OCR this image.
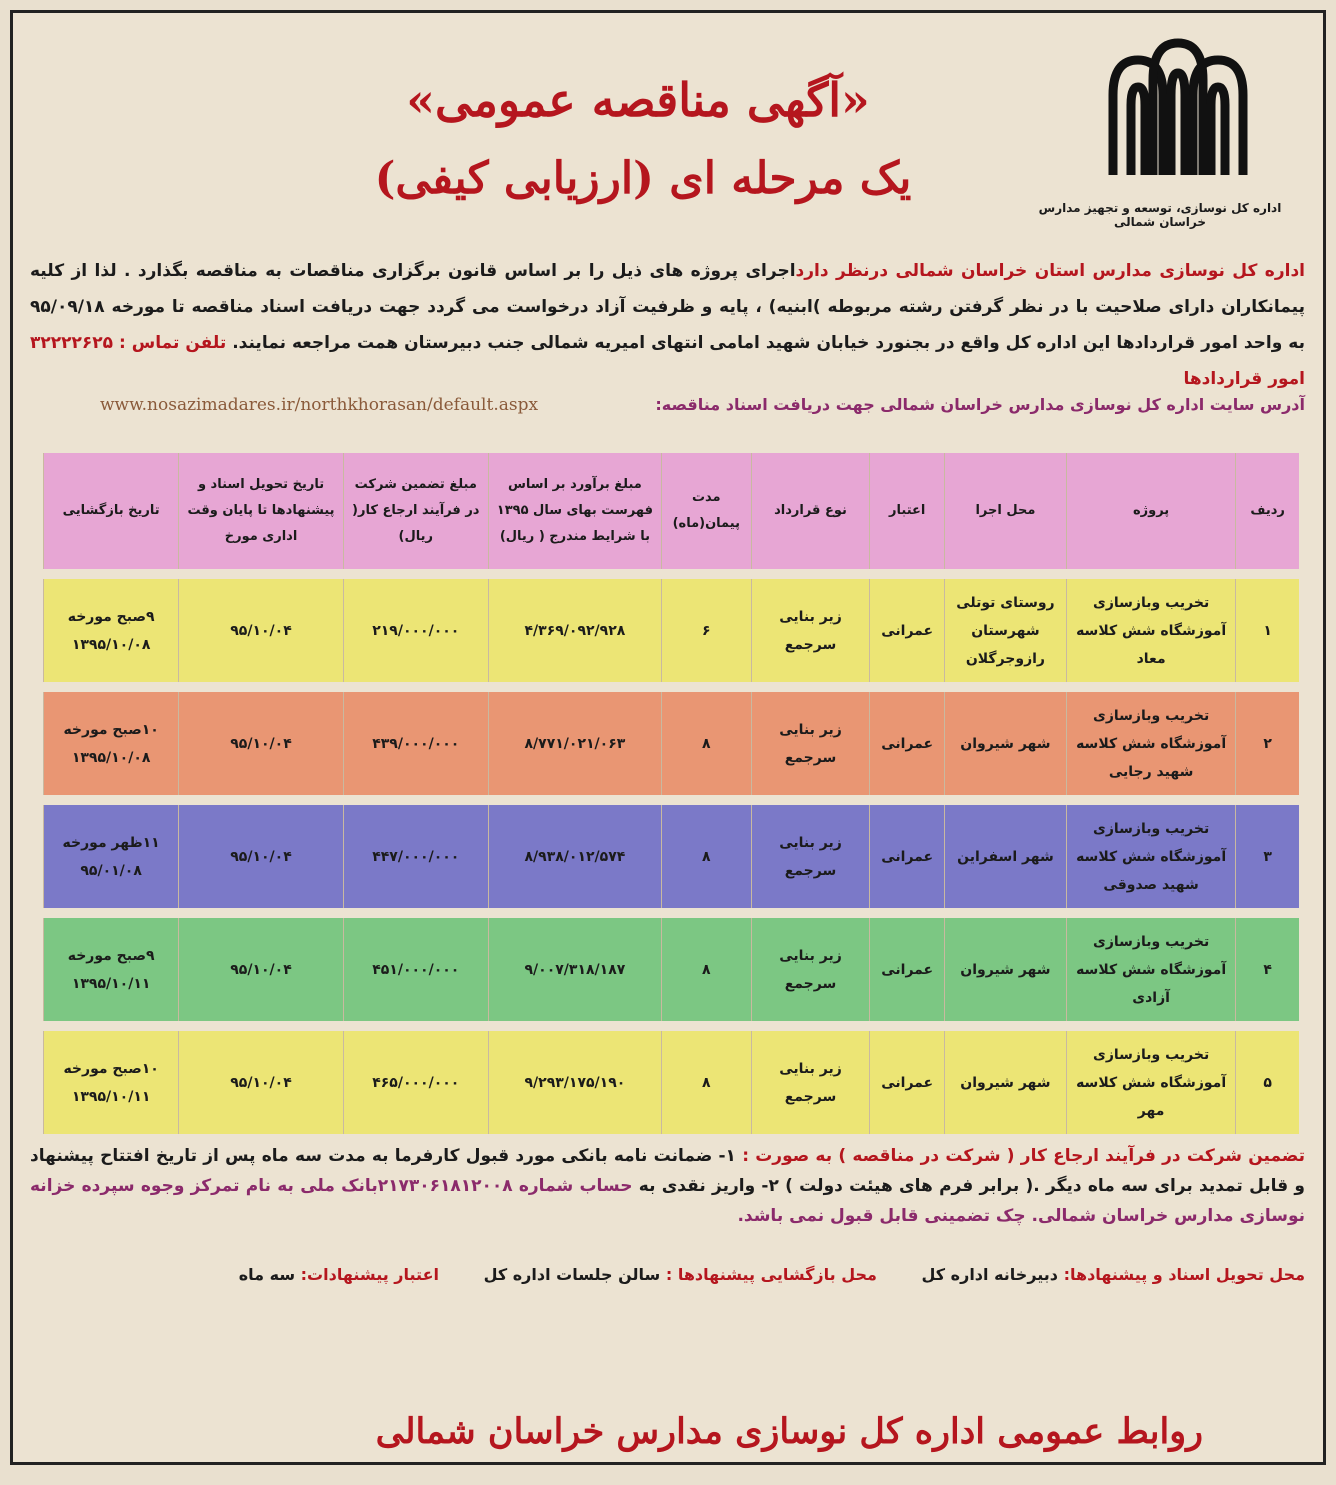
اداره کل نوسازی، توسعه و تجهیز مدارس خراسان شمالی
«آگهی مناقصه عمومی»
یک مرحله ای (ارزیابی کیفی)
اداره کل نوسازی مدارس استان خراسان شمالی درنظر دارداجرای پروژه های ذیل را بر اساس قانون برگزاری مناقصات به مناقصه بگذارد . لذا از کلیه پیمانکاران دارای صلاحیت با در نظر گرفتن رشته مربوطه )ابنیه) ، پایه و ظرفیت آزاد درخواست می گردد جهت دریافت اسناد مناقصه تا مورخه ۹۵/۰۹/۱۸ به واحد امور قراردادها این اداره کل واقع در بجنورد خیابان شهید امامی انتهای امیریه شمالی جنب دبیرستان همت مراجعه نمایند. تلفن تماس : ۳۲۲۲۲۶۲۵ امور قراردادها
آدرس سایت اداره کل نوسازی مدارس خراسان شمالی جهت دریافت اسناد مناقصه:
www.nosazimadares.ir/northkhorasan/default.aspx
ردیف	پروژه	محل اجرا	اعتبار	نوع قرارداد	مدت پیمان(ماه)	مبلغ برآورد بر اساس فهرست بهای سال ۱۳۹۵ با شرایط مندرج ( ریال)	مبلغ تضمین شرکت در فرآیند ارجاع کار( ریال)	تاریخ تحویل اسناد و پیشنهادها تا پایان وقت اداری مورخ	تاریخ بازگشایی

۱	تخریب وبازسازی آموزشگاه شش کلاسه معاد	روستای توتلی شهرستان رازوجرگلان	عمرانی	زیر بنایی سرجمع	۶	۴/۳۶۹/۰۹۲/۹۲۸	۲۱۹/۰۰۰/۰۰۰	۹۵/۱۰/۰۴	۹صبح مورخه ۱۳۹۵/۱۰/۰۸

۲	تخریب وبازسازی آموزشگاه شش کلاسه شهید رجایی	شهر شیروان	عمرانی	زیر بنایی سرجمع	۸	۸/۷۷۱/۰۲۱/۰۶۳	۴۳۹/۰۰۰/۰۰۰	۹۵/۱۰/۰۴	۱۰صبح مورخه ۱۳۹۵/۱۰/۰۸

۳	تخریب وبازسازی آموزشگاه شش کلاسه شهید صدوقی	شهر اسفراین	عمرانی	زیر بنایی سرجمع	۸	۸/۹۳۸/۰۱۲/۵۷۴	۴۴۷/۰۰۰/۰۰۰	۹۵/۱۰/۰۴	۱۱ظهر مورخه ۹۵/۰۱/۰۸

۴	تخریب وبازسازی آموزشگاه شش کلاسه آزادی	شهر شیروان	عمرانی	زیر بنایی سرجمع	۸	۹/۰۰۷/۳۱۸/۱۸۷	۴۵۱/۰۰۰/۰۰۰	۹۵/۱۰/۰۴	۹صبح مورخه ۱۳۹۵/۱۰/۱۱

۵	تخریب وبازسازی آموزشگاه شش کلاسه مهر	شهر شیروان	عمرانی	زیر بنایی سرجمع	۸	۹/۲۹۳/۱۷۵/۱۹۰	۴۶۵/۰۰۰/۰۰۰	۹۵/۱۰/۰۴	۱۰صبح مورخه ۱۳۹۵/۱۰/۱۱
تضمین شرکت در فرآیند ارجاع کار ( شرکت در مناقصه ) به صورت : ۱- ضمانت نامه بانکی مورد قبول کارفرما به مدت سه ماه پس از تاریخ افتتاح پیشنهاد و قابل تمدید برای سه ماه دیگر .( برابر فرم های هیئت دولت ) ۲- واریز نقدی به حساب شماره ۲۱۷۳۰۶۱۸۱۲۰۰۸بانک ملی به نام تمرکز وجوه سپرده خزانه نوسازی مدارس خراسان شمالی. چک تضمینی قابل قبول نمی باشد.
محل تحویل اسناد و پیشنهادها: دبیرخانه اداره کل        محل بازگشایی پیشنهادها : سالن جلسات اداره کل        اعتبار پیشنهادات: سه ماه
روابط عمومی اداره کل نوسازی مدارس خراسان شمالی
